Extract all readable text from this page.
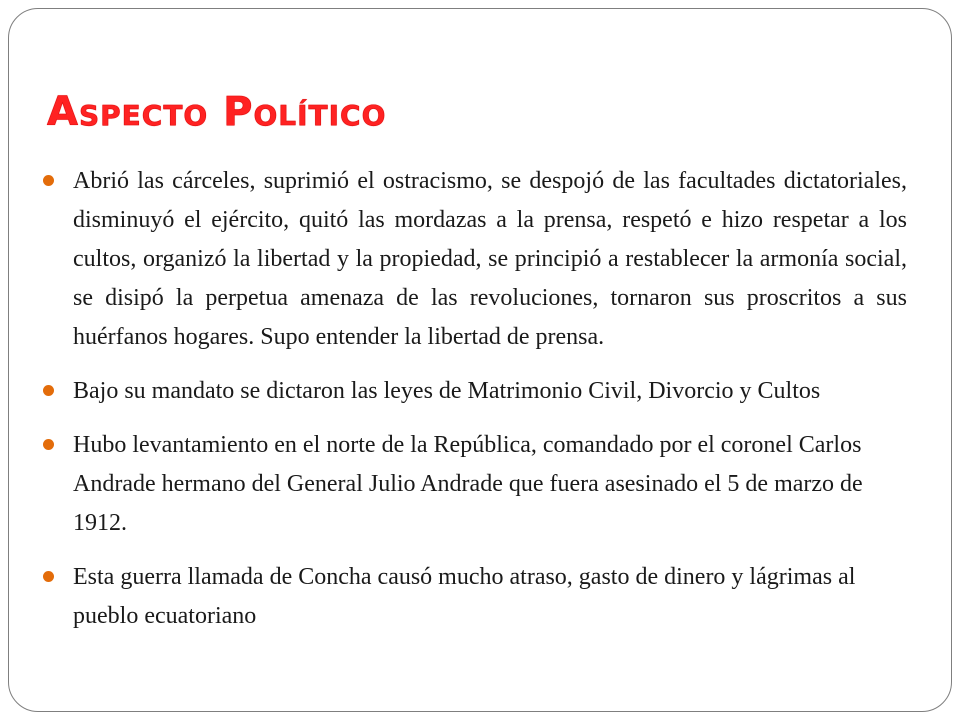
Aspecto Político
Abrió las cárceles, suprimió el ostracismo, se despojó de las facultades dictatoriales, disminuyó el ejército, quitó las mordazas a la prensa, respetó e hizo respetar a los cultos, organizó la libertad y la propiedad, se principió a restablecer la armonía social, se disipó la perpetua amenaza de las revoluciones, tornaron sus proscritos a sus huérfanos hogares. Supo entender la libertad de prensa.
Bajo su mandato se dictaron las leyes de Matrimonio Civil, Divorcio y Cultos
Hubo levantamiento en el norte de la República, comandado por el coronel Carlos Andrade hermano del General Julio Andrade que fuera asesinado el 5 de marzo de 1912.
Esta guerra llamada de Concha causó mucho atraso, gasto de dinero y lágrimas al pueblo ecuatoriano
